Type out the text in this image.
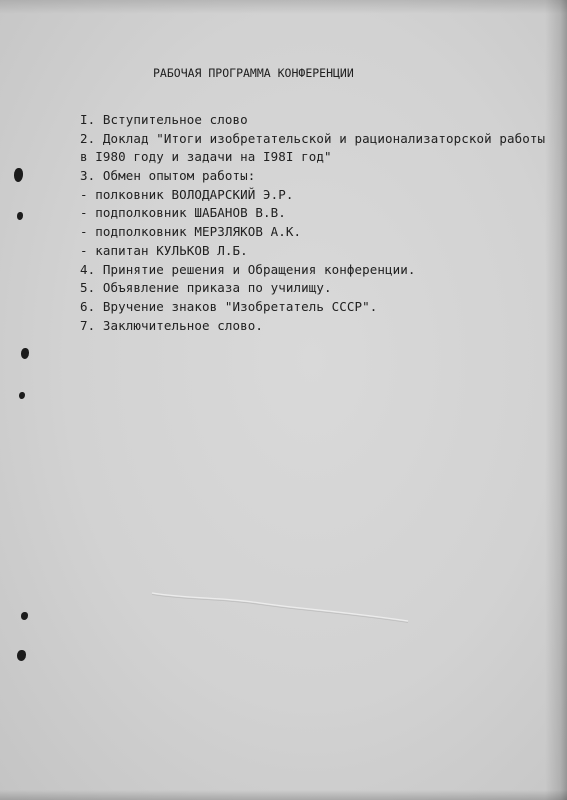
РАБОЧАЯ ПРОГРАММА КОНФЕРЕНЦИИ
I. Вступительное слово
2. Доклад "Итоги изобретательской и рационализаторской работы
в I980 году и задачи на I98I год"
3. Обмен опытом работы:
- полковник ВОЛОДАРСКИЙ Э.Р.
- подполковник ШАБАНОВ В.В.
- подполковник МЕРЗЛЯКОВ А.К.
- капитан КУЛЬКОВ Л.Б.
4. Принятие решения и Обращения конференции.
5. Объявление приказа по училищу.
6. Вручение знаков "Изобретатель СССР".
7. Заключительное слово.
